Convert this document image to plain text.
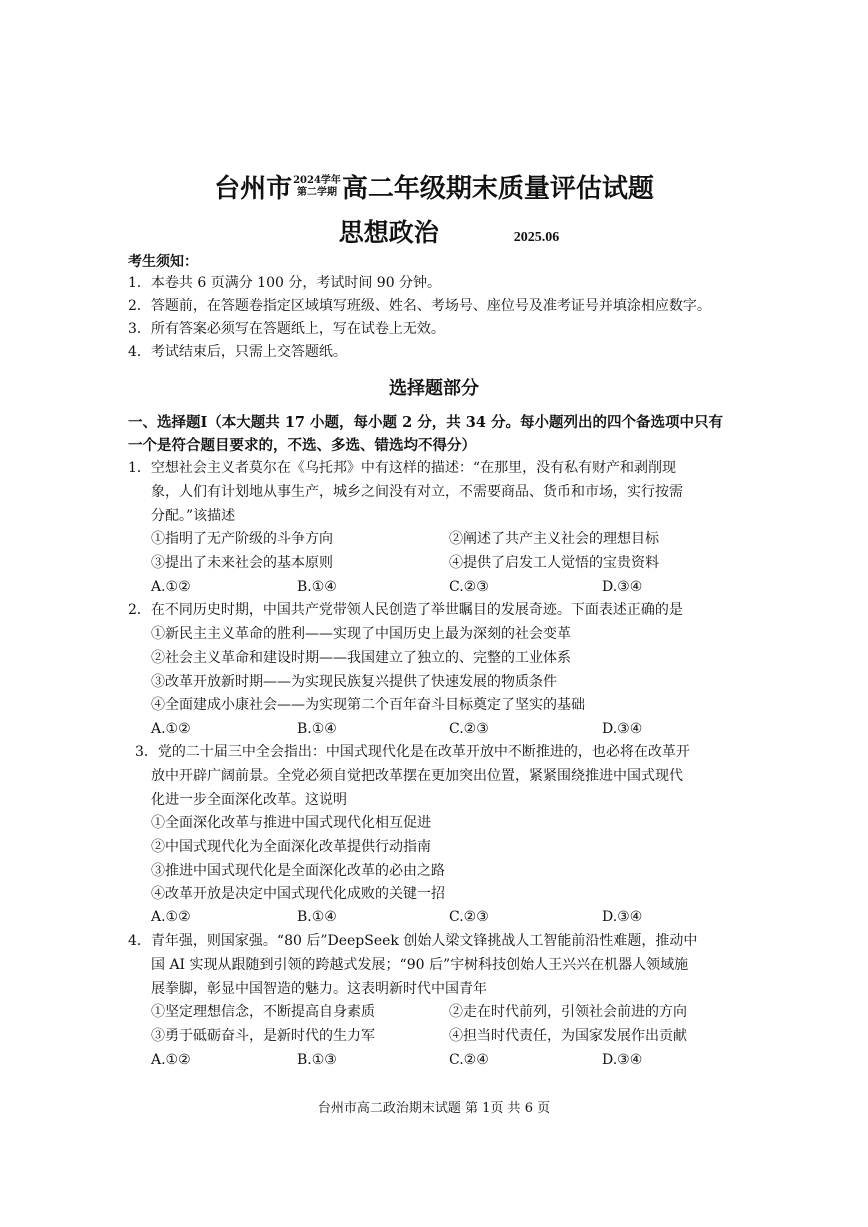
台州市 2024学年
第二学期 高二年级期末质量评估试题
思想政治	2025.06
考生须知：
1．本卷共 6 页满分 100 分，考试时间 90 分钟。
2．答题前，在答题卷指定区域填写班级、姓名、考场号、座位号及准考证号并填涂相应数字。
3．所有答案必须写在答题纸上，写在试卷上无效。
4．考试结束后，只需上交答题纸。
选择题部分
一、选择题Ⅰ（本大题共 17 小题，每小题 2 分，共 34 分。每小题列出的四个备选项中只有
一个是符合题目要求的，不选、多选、错选均不得分）
1．空想社会主义者莫尔在《乌托邦》中有这样的描述：“在那里，没有私有财产和剥削现
象，人们有计划地从事生产，城乡之间没有对立，不需要商品、货币和市场，实行按需
分配。”该描述
①指明了无产阶级的斗争方向	②阐述了共产主义社会的理想目标
③提出了未来社会的基本原则	④提供了启发工人觉悟的宝贵资料
A.①②	B.①④	C.②③	D.③④
2．在不同历史时期，中国共产党带领人民创造了举世瞩目的发展奇迹。下面表述正确的是
①新民主主义革命的胜利——实现了中国历史上最为深刻的社会变革
②社会主义革命和建设时期——我国建立了独立的、完整的工业体系
③改革开放新时期——为实现民族复兴提供了快速发展的物质条件
④全面建成小康社会——为实现第二个百年奋斗目标奠定了坚实的基础
A.①②	B.①④	C.②③	D.③④
3．党的二十届三中全会指出：中国式现代化是在改革开放中不断推进的，也必将在改革开
放中开辟广阔前景。全党必须自觉把改革摆在更加突出位置，紧紧围绕推进中国式现代
化进一步全面深化改革。这说明
①全面深化改革与推进中国式现代化相互促进
②中国式现代化为全面深化改革提供行动指南
③推进中国式现代化是全面深化改革的必由之路
④改革开放是决定中国式现代化成败的关键一招
A.①②	B.①④	C.②③	D.③④
4．青年强，则国家强。“80 后”DeepSeek 创始人梁文锋挑战人工智能前沿性难题，推动中
国 AI 实现从跟随到引领的跨越式发展；“90 后”宇树科技创始人王兴兴在机器人领域施
展拳脚，彰显中国智造的魅力。这表明新时代中国青年
①坚定理想信念，不断提高自身素质	②走在时代前列，引领社会前进的方向
③勇于砥砺奋斗，是新时代的生力军	④担当时代责任，为国家发展作出贡献
A.①②	B.①③	C.②④	D.③④
台州市高二政治期末试题 第 1页 共 6 页
